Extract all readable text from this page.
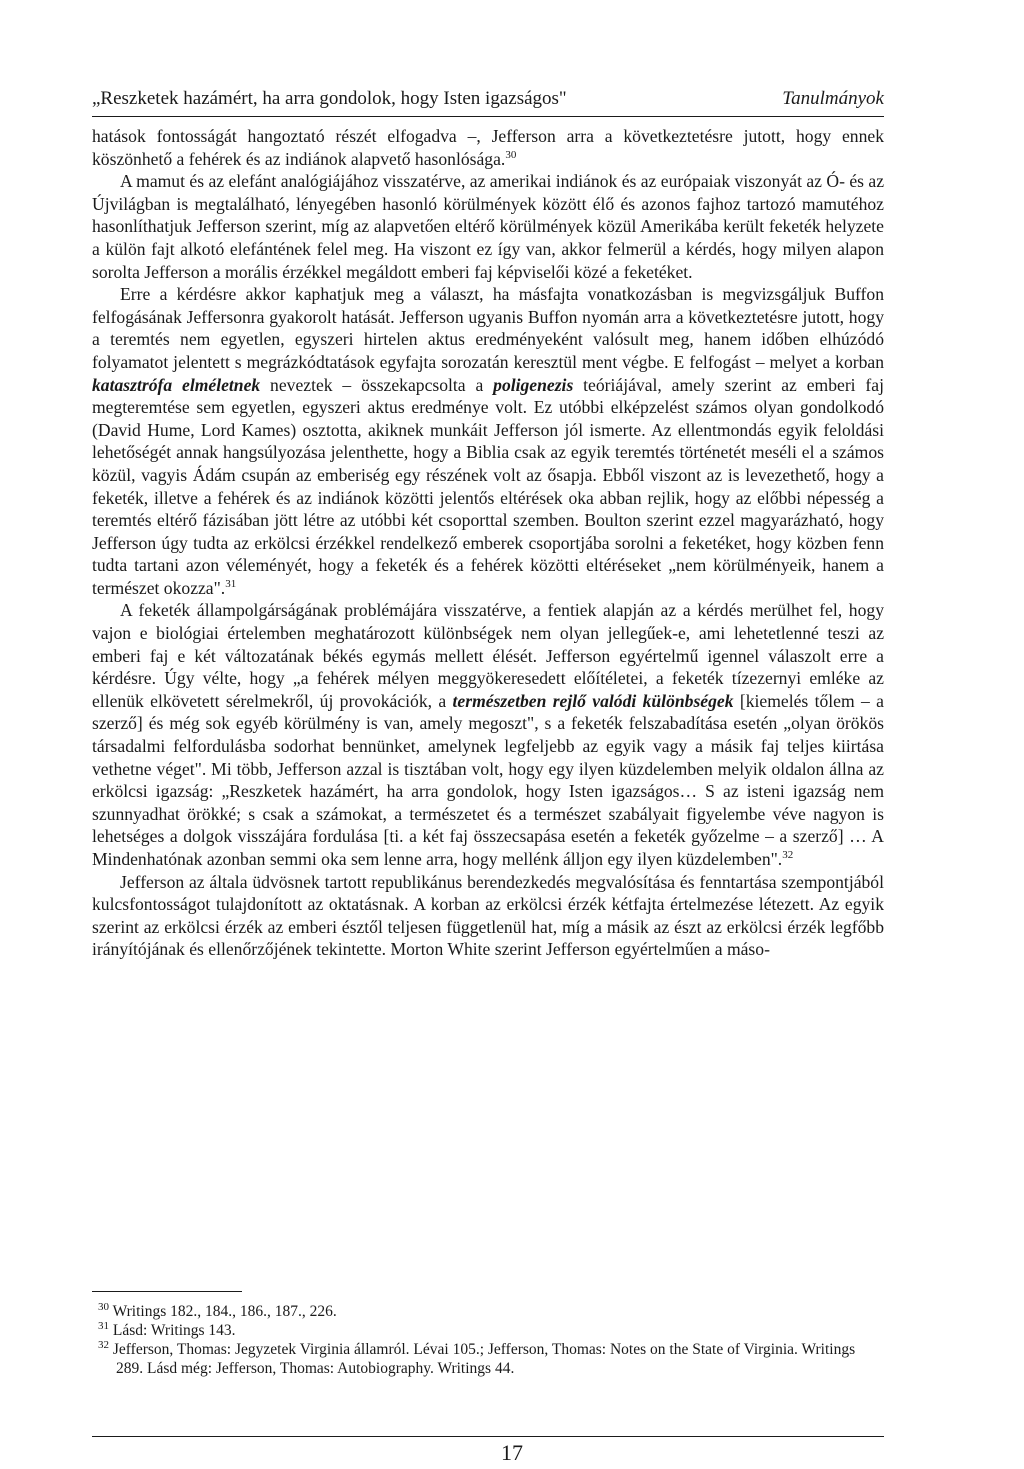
„Reszketek hazámért, ha arra gondolok, hogy Isten igazságos"	Tanulmányok

hatások fontosságát hangoztató részét elfogadva –, Jefferson arra a következtetésre jutott, hogy ennek köszönhető a fehérek és az indiánok alapvető hasonlósága.$^{30}$

A mamut és az elefánt analógiájához visszatérve, az amerikai indiánok és az európaiak viszonyát az Ó- és az Újvilágban is megtalálható, lényegében hasonló körülmények között élő és azonos fajhoz tartozó mamutéhoz hasonlíthatjuk Jefferson szerint, míg az alapvetően eltérő körülmények közül Amerikába került feketék helyzete a külön fajt alkotó elefántének felel meg. Ha viszont ez így van, akkor felmerül a kérdés, hogy milyen alapon sorolta Jefferson a morális érzékkel megáldott emberi faj képviselői közé a feketéket.

Erre a kérdésre akkor kaphatjuk meg a választ, ha másfajta vonatkozásban is megvizsgáljuk Buffon felfogásának Jeffersonra gyakorolt hatását. Jefferson ugyanis Buffon nyomán arra a következtetésre jutott, hogy a teremtés nem egyetlen, egyszeri hirtelen aktus eredményeként valósult meg, hanem időben elhúzódó folyamatot jelentett s megrázkódtatások egyfajta sorozatán keresztül ment végbe. E felfogást – melyet a korban katasztrófa elméletnek neveztek – összekapcsolta a poligenezis teóriájával, amely szerint az emberi faj megteremtése sem egyetlen, egyszeri aktus eredménye volt. Ez utóbbi elképzelést számos olyan gondolkodó (David Hume, Lord Kames) osztotta, akiknek munkáit Jefferson jól ismerte. Az ellentmondás egyik feloldási lehetőségét annak hangsúlyozása jelenthette, hogy a Biblia csak az egyik teremtés történetét meséli el a számos közül, vagyis Ádám csupán az emberiség egy részének volt az ősapja. Ebből viszont az is levezethető, hogy a feketék, illetve a fehérek és az indiánok közötti jelentős eltérések oka abban rejlik, hogy az előbbi népesség a teremtés eltérő fázisában jött létre az utóbbi két csoporttal szemben. Boulton szerint ezzel magyarázható, hogy Jefferson úgy tudta az erkölcsi érzékkel rendelkező emberek csoportjába sorolni a feketéket, hogy közben fenn tudta tartani azon véleményét, hogy a feketék és a fehérek közötti eltéréseket „nem körülményeik, hanem a természet okozza".$^{31}$

A feketék állampolgárságának problémájára visszatérve, a fentiek alapján az a kérdés merülhet fel, hogy vajon e biológiai értelemben meghatározott különbségek nem olyan jellegűek-e, ami lehetetlenné teszi az emberi faj e két változatának békés egymás mellett élését. Jefferson egyértelmű igennel válaszolt erre a kérdésre. Úgy vélte, hogy „a fehérek mélyen meggyökeresedett előítéletei, a feketék tízezernyi emléke az ellenük elkövetett sérelmekről, új provokációk, a természetben rejlő valódi különbségek [kiemelés tőlem – a szerző] és még sok egyéb körülmény is van, amely megoszt", s a feketék felszabadítása esetén „olyan örökös társadalmi felfordulásba sodorhat bennünket, amelynek legfeljebb az egyik vagy a másik faj teljes kiirtása vethetne véget". Mi több, Jefferson azzal is tisztában volt, hogy egy ilyen küzdelemben melyik oldalon állna az erkölcsi igazság: „Reszketek hazámért, ha arra gondolok, hogy Isten igazságos… S az isteni igazság nem szunnyadhat örökké; s csak a számokat, a természetet és a természet szabályait figyelembe véve nagyon is lehetséges a dolgok visszájára fordulása [ti. a két faj összecsapása esetén a feketék győzelme – a szerző] … A Mindenhatónak azonban semmi oka sem lenne arra, hogy mellénk álljon egy ilyen küzdelemben".$^{32}$

Jefferson az általa üdvösnek tartott republikánus berendezkedés megvalósítása és fenntartása szempontjából kulcsfontosságot tulajdonított az oktatásnak. A korban az erkölcsi érzék kétfajta értelmezése létezett. Az egyik szerint az erkölcsi érzék az emberi észtől teljesen függetlenül hat, míg a másik az észt az erkölcsi érzék legfőbb irányítójának és ellenőrzőjének tekintette. Morton White szerint Jefferson egyértelműen a máso-

$^{30}$ Writings 182., 184., 186., 187., 226.
$^{31}$ Lásd: Writings 143.
$^{32}$ Jefferson, Thomas: Jegyzetek Virginia államról. Lévai 105.; Jefferson, Thomas: Notes on the State of Virginia. Writings 289. Lásd még: Jefferson, Thomas: Autobiography. Writings 44.
17
